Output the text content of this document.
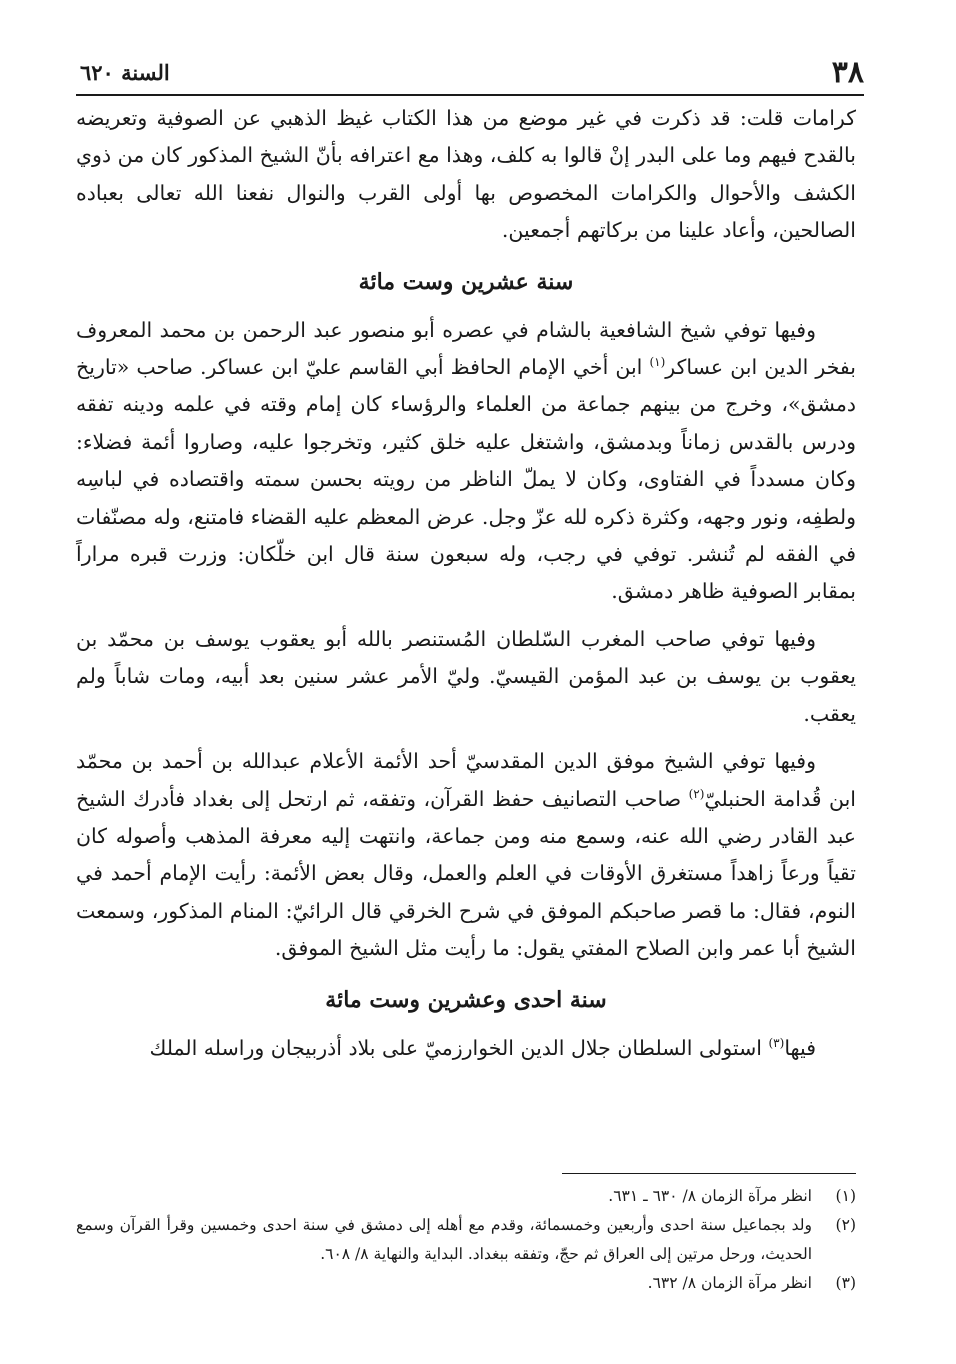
٣٨
السنة ٦٢٠

كرامات قلت: قد ذكرت في غير موضع من هذا الكتاب غيظ الذهبي عن الصوفية وتعريضه بالقدح فيهم وما على البدر إنْ قالوا به كلف، وهذا مع اعترافه بأنّ الشيخ المذكور كان من ذوي الكشف والأحوال والكرامات المخصوص بها أولى القرب والنوال نفعنا الله تعالى بعباده الصالحين، وأعاد علينا من بركاتهم أجمعين.

سنة عشرين وست مائة

وفيها توفي شيخ الشافعية بالشام في عصره أبو منصور عبد الرحمن بن محمد المعروف بفخر الدين ابن عساكر$^{(١)}$ ابن أخي الإمام الحافظ أبي القاسم عليّ ابن عساكر. صاحب «تاريخ دمشق»، وخرج من بينهم جماعة من العلماء والرؤساء كان إمام وقته في علمه ودينه تفقه ودرس بالقدس زماناً وبدمشق، واشتغل عليه خلق كثير، وتخرجوا عليه، وصاروا أئمة فضلاء: وكان مسدداً في الفتاوى، وكان لا يملّ الناظر من رويته بحسن سمته واقتصاده في لباسِه ولطفِه، ونور وجهه، وكثرة ذكره لله عزّ وجل. عرض المعظم عليه القضاء فامتنع، وله مصنّفات في الفقه لم تُنشر. توفي في رجب، وله سبعون سنة قال ابن خلّكان: وزرت قبره مراراً بمقابر الصوفية ظاهر دمشق.

وفيها توفي صاحب المغرب السّلطان المُستنصر بالله أبو يعقوب يوسف بن محمّد بن يعقوب بن يوسف بن عبد المؤمن القيسيّ. وليّ الأمر عشر سنين بعد أبيه، ومات شاباً ولم يعقب.

وفيها توفي الشيخ موفق الدين المقدسيّ أحد الأئمة الأعلام عبدالله بن أحمد بن محمّد ابن قُدامة الحنبليّ$^{(٢)}$ صاحب التصانيف حفظ القرآن، وتفقه، ثم ارتحل إلى بغداد فأدرك الشيخ عبد القادر رضي الله عنه، وسمع منه ومن جماعة، وانتهت إليه معرفة المذهب وأصوله كان تقياً ورعاً زاهداً مستغرق الأوقات في العلم والعمل، وقال بعض الأئمة: رأيت الإمام أحمد في النوم، فقال: ما قصر صاحبكم الموفق في شرح الخرقي قال الرائيّ: المنام المذكور، وسمعت الشيخ أبا عمر وابن الصلاح المفتي يقول: ما رأيت مثل الشيخ الموفق.

سنة احدى وعشرين وست مائة

فيها$^{(٣)}$ استولى السلطان جلال الدين الخوارزميّ على بلاد أذربيجان وراسله الملك

(١)
انظر مرآة الزمان ٨/ ٦٣٠ ـ ٦٣١.
(٢)
ولد بجماعيل سنة احدى وأربعين وخمسمائة، وقدم مع أهله إلى دمشق في سنة احدى وخمسين وقرأ القرآن وسمع الحديث، ورحل مرتين إلى العراق ثم حجّ، وتفقه ببغداد. البداية والنهاية ٨/ ٦٠٨.
(٣)
انظر مرآة الزمان ٨/ ٦٣٢.
